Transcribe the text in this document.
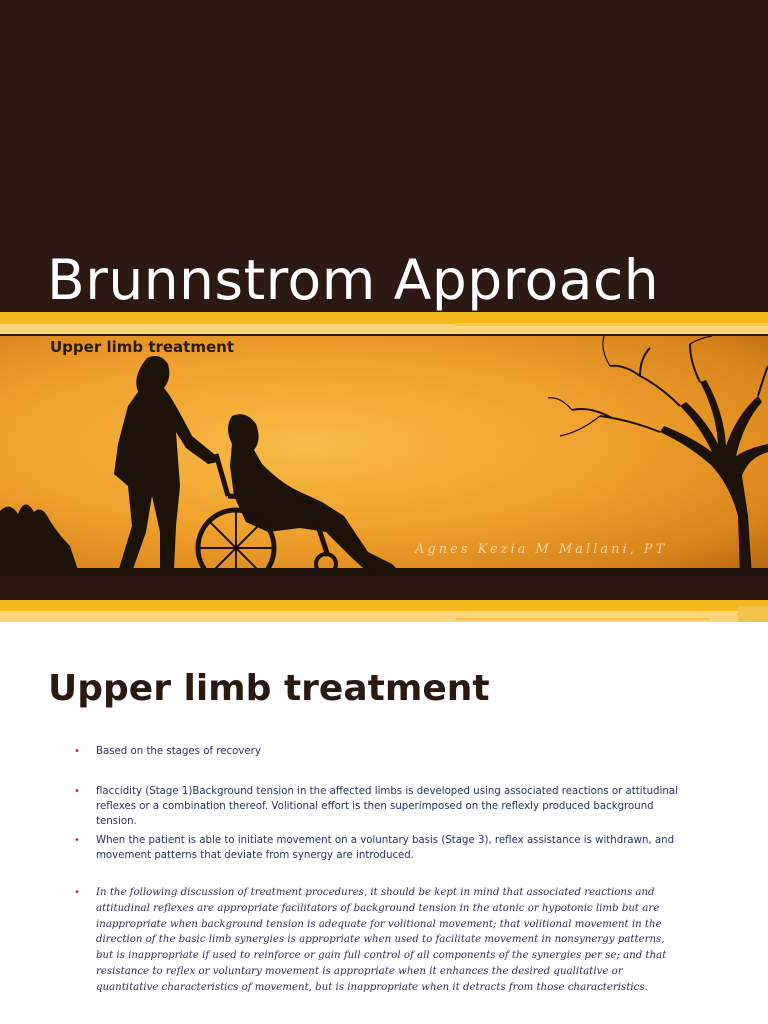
Brunnstrom Approach
Upper limb treatment
Agnes Kezia M Mallani, PT
Upper limb treatment
• Based on the stages of recovery
• flaccidity (Stage 1)Background tension in the affected limbs is developed using associated reactions or attitudinal reflexes or a combination thereof. Volitional effort is then superimposed on the reflexly produced background tension.
• When the patient is able to initiate movement on a voluntary basis (Stage 3), reflex assistance is withdrawn, and movement patterns that deviate from synergy are introduced.
• In the following discussion of treatment procedures, it should be kept in mind that associated reactions and attitudinal reflexes are appropriate facilitators of background tension in the atonic or hypotonic limb but are inappropriate when background tension is adequate for volitional movement; that volitional movement in the direction of the basic limb synergies is appropriate when used to facilitate movement in nonsynergy patterns, but is inappropriate if used to reinforce or gain full control of all components of the synergies per se; and that resistance to reflex or voluntary movement is appropriate when it enhances the desired qualitative or quantitative characteristics of movement, but is inappropriate when it detracts from those characteristics.
